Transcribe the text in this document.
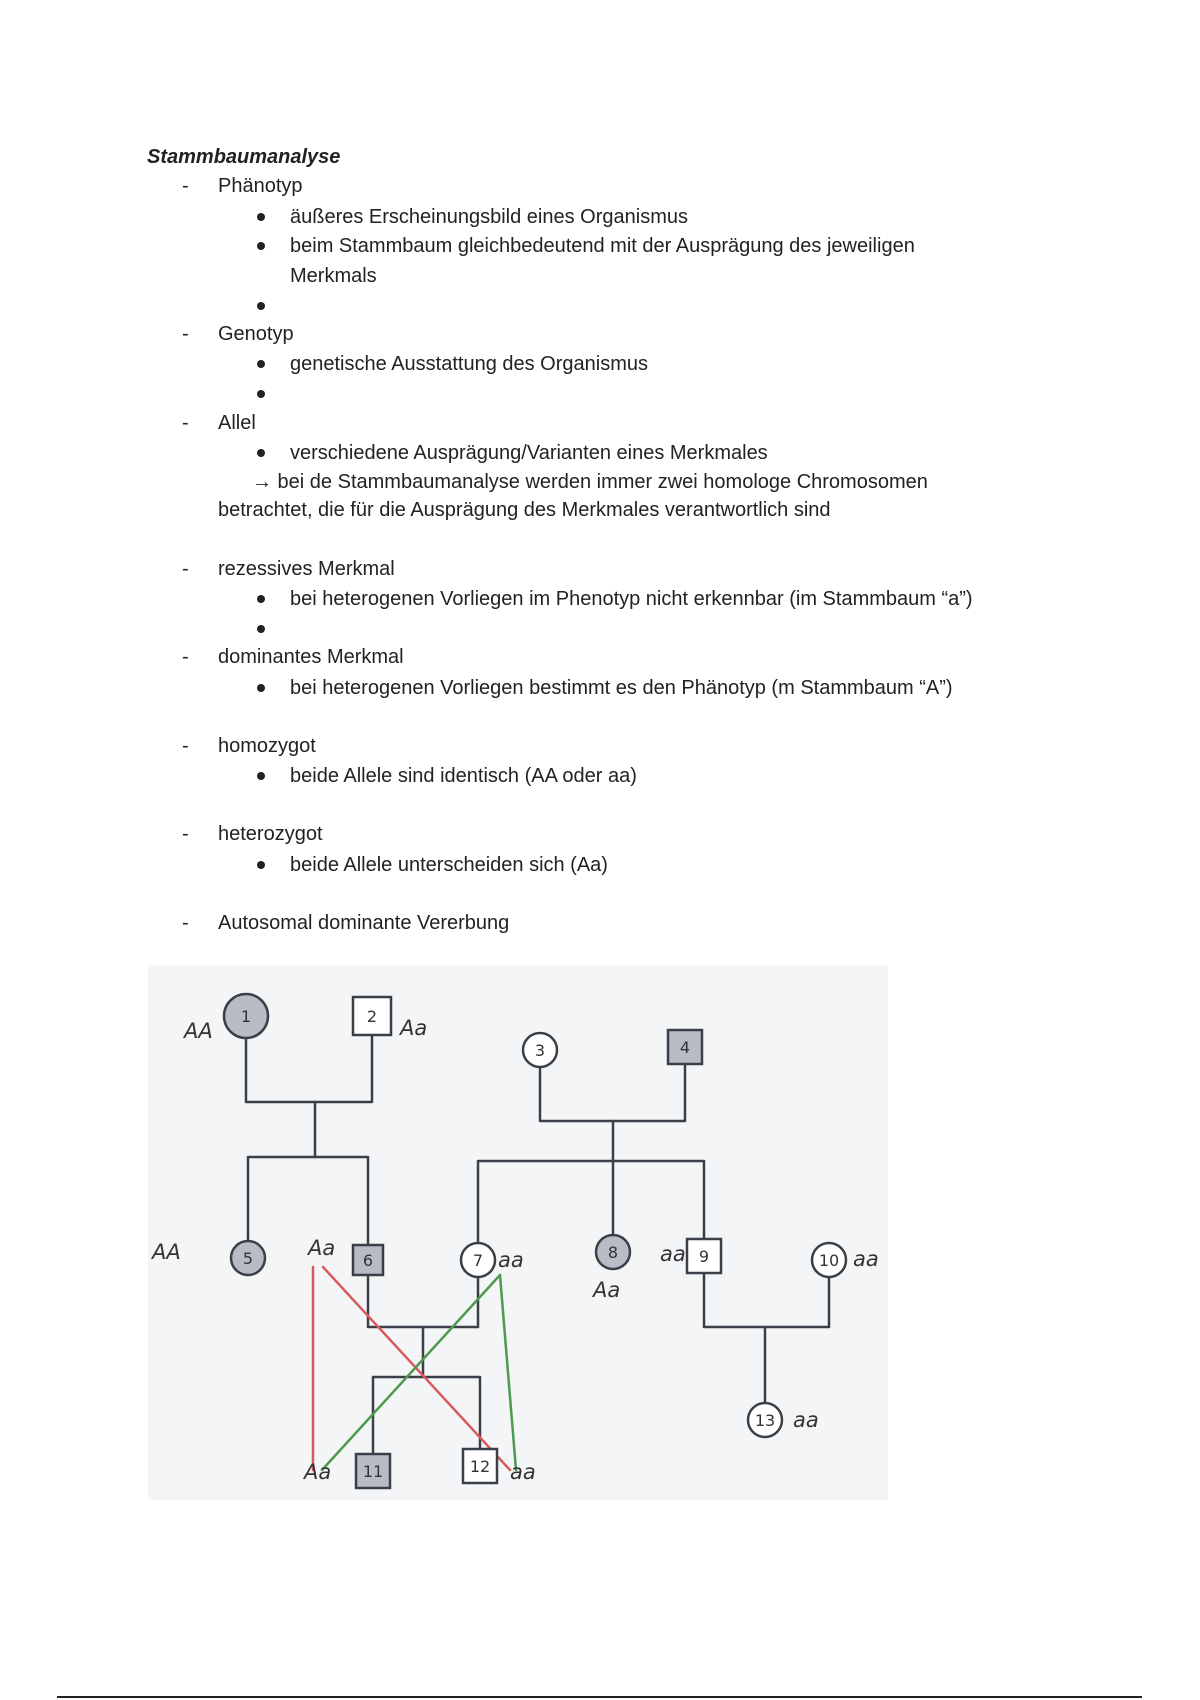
Stammbaumanalyse
- Phänotyp
äußeres Erscheinungsbild eines Organismus
beim Stammbaum gleichbedeutend mit der Ausprägung des jeweiligen
Merkmals
- Genotyp
genetische Ausstattung des Organismus
- Allel
verschiedene Ausprägung/Varianten eines Merkmales
→ bei de Stammbaumanalyse werden immer zwei homologe Chromosomen
betrachtet, die für die Ausprägung des Merkmales verantwortlich sind
- rezessives Merkmal
bei heterogenen Vorliegen im Phenotyp nicht erkennbar (im Stammbaum “a”)
- dominantes Merkmal
bei heterogenen Vorliegen bestimmt es den Phänotyp (m Stammbaum “A”)
- homozygot
beide Allele sind identisch (AA oder aa)
- heterozygot
beide Allele unterscheiden sich (Aa)
- Autosomal dominante Vererbung
1	2
3	4
5	6	7	8	9	10
11	12
13
AA	Aa
AA	Aa	aa
Aa
aa	aa
Aa	aa
aa
